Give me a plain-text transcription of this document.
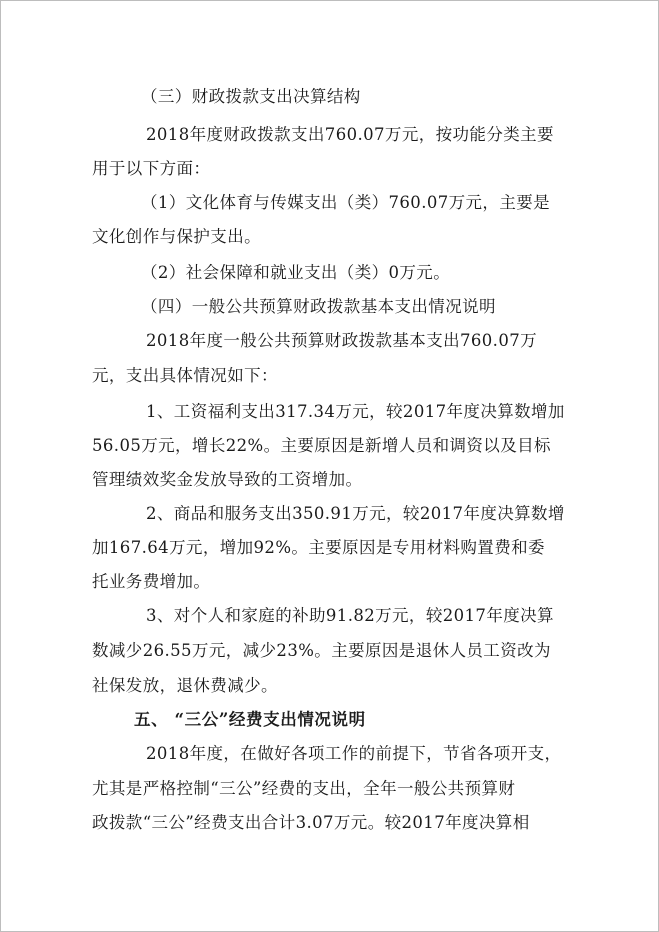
（三）财政拨款支出决算结构
2018年度财政拨款支出760.07万元，按功能分类主要
用于以下方面：
（1）文化体育与传媒支出（类）760.07万元，主要是
文化创作与保护支出。
（2）社会保障和就业支出（类）0万元。
（四）一般公共预算财政拨款基本支出情况说明
2018年度一般公共预算财政拨款基本支出760.07万
元，支出具体情况如下：
1、工资福利支出317.34万元，较2017年度决算数增加
56.05万元，增长22%。主要原因是新增人员和调资以及目标
管理绩效奖金发放导致的工资增加。
2、商品和服务支出350.91万元，较2017年度决算数增
加167.64万元，增加92%。主要原因是专用材料购置费和委
托业务费增加。
3、对个人和家庭的补助91.82万元，较2017年度决算
数减少26.55万元，减少23%。主要原因是退休人员工资改为
社保发放，退休费减少。
五、 “三公”经费支出情况说明
2018年度，在做好各项工作的前提下，节省各项开支，
尤其是严格控制“三公”经费的支出，全年一般公共预算财
政拨款“三公”经费支出合计3.07万元。较2017年度决算相
